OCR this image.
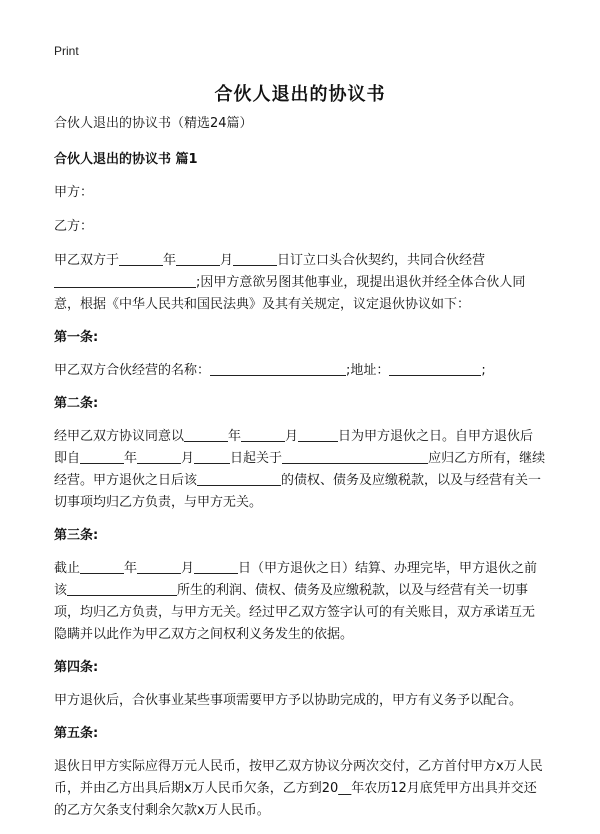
Print
合伙人退出的协议书
合伙人退出的协议书（精选24篇）
合伙人退出的协议书 篇1
甲方：
乙方：
甲乙双方于	年	月	日订立口头合伙契约，共同合伙经营;因甲方意欲另图其他事业，现提出退伙并经全体合伙人同意，根据《中华人民共和国民法典》及其有关规定，议定退伙协议如下：
第一条:
甲乙双方合伙经营的名称：	;地址：	;
第二条:
经甲乙双方协议同意以	年	月	日为甲方退伙之日。自甲方退伙后即自	年	月	日起关于	应归乙方所有，继续经营。甲方退伙之日后该	的债权、债务及应缴税款，以及与经营有关一切事项均归乙方负责，与甲方无关。
第三条:
截止	年	月	日（甲方退伙之日）结算、办理完毕，甲方退伙之前该	所生的利润、债权、债务及应缴税款，以及与经营有关一切事项，均归乙方负责，与甲方无关。经过甲乙双方签字认可的有关账目，双方承诺互无隐瞒并以此作为甲乙双方之间权利义务发生的依据。
第四条:
甲方退伙后，合伙事业某些事项需要甲方予以协助完成的，甲方有义务予以配合。
第五条:
退伙日甲方实际应得万元人民币，按甲乙双方协议分两次交付，乙方首付甲方x万人民币，并由乙方出具后期x万人民币欠条，乙方到20__年农历12月底凭甲方出具并交还的乙方欠条支付剩余欠款x万人民币。
